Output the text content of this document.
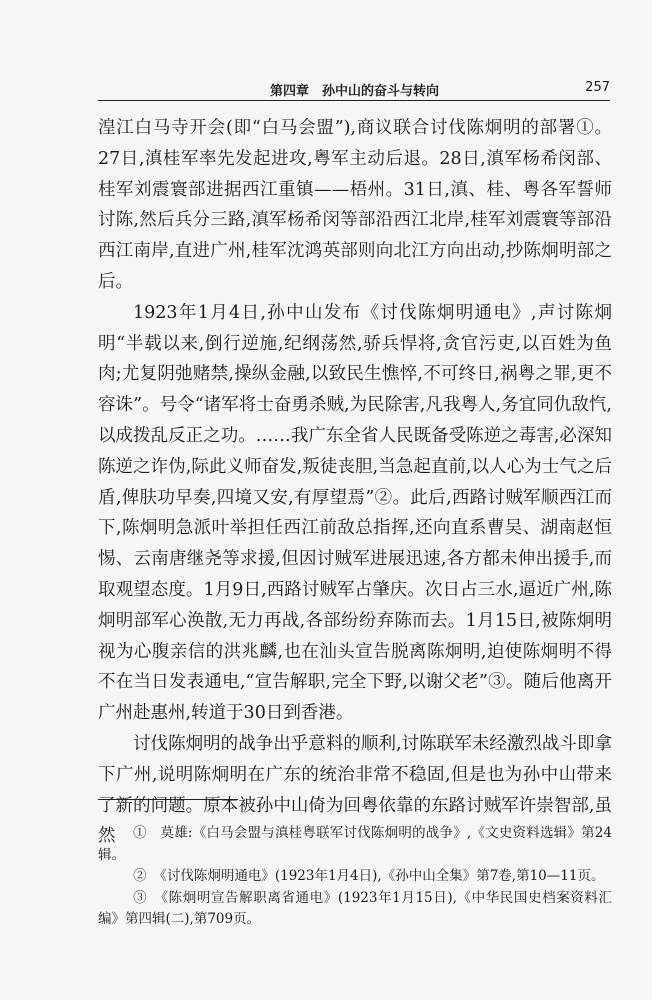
第四章　孙中山的奋斗与转向	257

湟江白马寺开会(即“白马会盟”),商议联合讨伐陈炯明的部署①。27日,滇桂军率先发起进攻,粤军主动后退。28日,滇军杨希闵部、桂军刘震寰部进据西江重镇——梧州。31日,滇、桂、粤各军誓师讨陈,然后兵分三路,滇军杨希闵等部沿西江北岸,桂军刘震寰等部沿西江南岸,直进广州,桂军沈鸿英部则向北江方向出动,抄陈炯明部之后。

1923年1月4日,孙中山发布《讨伐陈炯明通电》,声讨陈炯明“半载以来,倒行逆施,纪纲荡然,骄兵悍将,贪官污吏,以百姓为鱼肉;尤复阴弛赌禁,操纵金融,以致民生憔悴,不可终日,祸粤之罪,更不容诛”。号令“诸军将士奋勇杀贼,为民除害,凡我粤人,务宜同仇敌忾,以成拨乱反正之功。……我广东全省人民既备受陈逆之毒害,必深知陈逆之诈伪,际此义师奋发,叛徒丧胆,当急起直前,以人心为士气之后盾,俾肤功早奏,四境又安,有厚望焉”②。此后,西路讨贼军顺西江而下,陈炯明急派叶举担任西江前敌总指挥,还向直系曹吴、湖南赵恒惕、云南唐继尧等求援,但因讨贼军进展迅速,各方都未伸出援手,而取观望态度。1月9日,西路讨贼军占肇庆。次日占三水,逼近广州,陈炯明部军心涣散,无力再战,各部纷纷弃陈而去。1月15日,被陈炯明视为心腹亲信的洪兆麟,也在汕头宣告脱离陈炯明,迫使陈炯明不得不在当日发表通电,“宣告解职,完全下野,以谢父老”③。随后他离开广州赴惠州,转道于30日到香港。

讨伐陈炯明的战争出乎意料的顺利,讨陈联军未经激烈战斗即拿下广州,说明陈炯明在广东的统治非常不稳固,但是也为孙中山带来了新的问题。原本被孙中山倚为回粤依靠的东路讨贼军许崇智部,虽然	①　莫雄:《白马会盟与滇桂粤联军讨伐陈炯明的战争》,《文史资料选辑》第24辑。

②　《讨伐陈炯明通电》(1923年1月4日),《孙中山全集》第7卷,第10—11页。

③　《陈炯明宣告解职离省通电》(1923年1月15日),《中华民国史档案资料汇编》第四辑(二),第709页。
